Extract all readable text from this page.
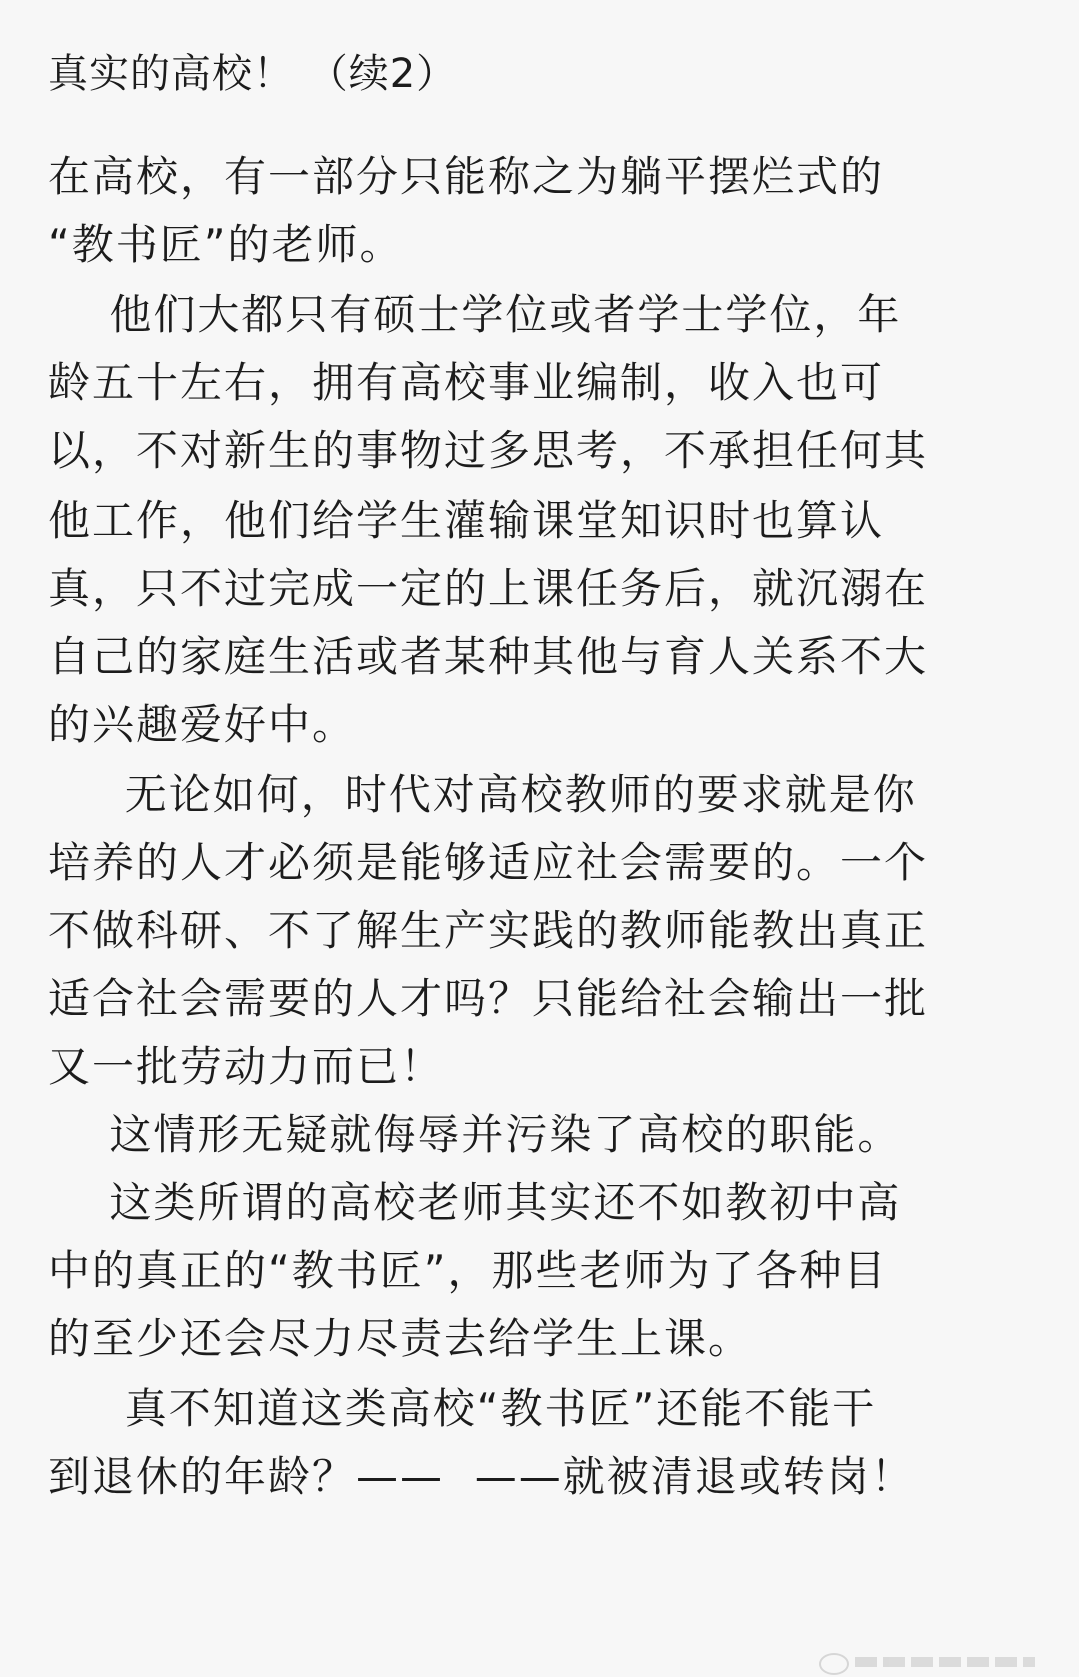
真实的高校！ （续2）
在高校，有一部分只能称之为躺平摆烂式的
“教书匠”的老师。
他们大都只有硕士学位或者学士学位，年
龄五十左右，拥有高校事业编制，收入也可
以，不对新生的事物过多思考，不承担任何其
他工作，他们给学生灌输课堂知识时也算认
真，只不过完成一定的上课任务后，就沉溺在
自己的家庭生活或者某种其他与育人关系不大
的兴趣爱好中。
无论如何，时代对高校教师的要求就是你
培养的人才必须是能够适应社会需要的。一个
不做科研、不了解生产实践的教师能教出真正
适合社会需要的人才吗？只能给社会输出一批
又一批劳动力而已！
这情形无疑就侮辱并污染了高校的职能。
这类所谓的高校老师其实还不如教初中高
中的真正的“教书匠”，那些老师为了各种目
的至少还会尽力尽责去给学生上课。
真不知道这类高校“教书匠”还能不能干
到退休的年龄？——  ——就被清退或转岗！
